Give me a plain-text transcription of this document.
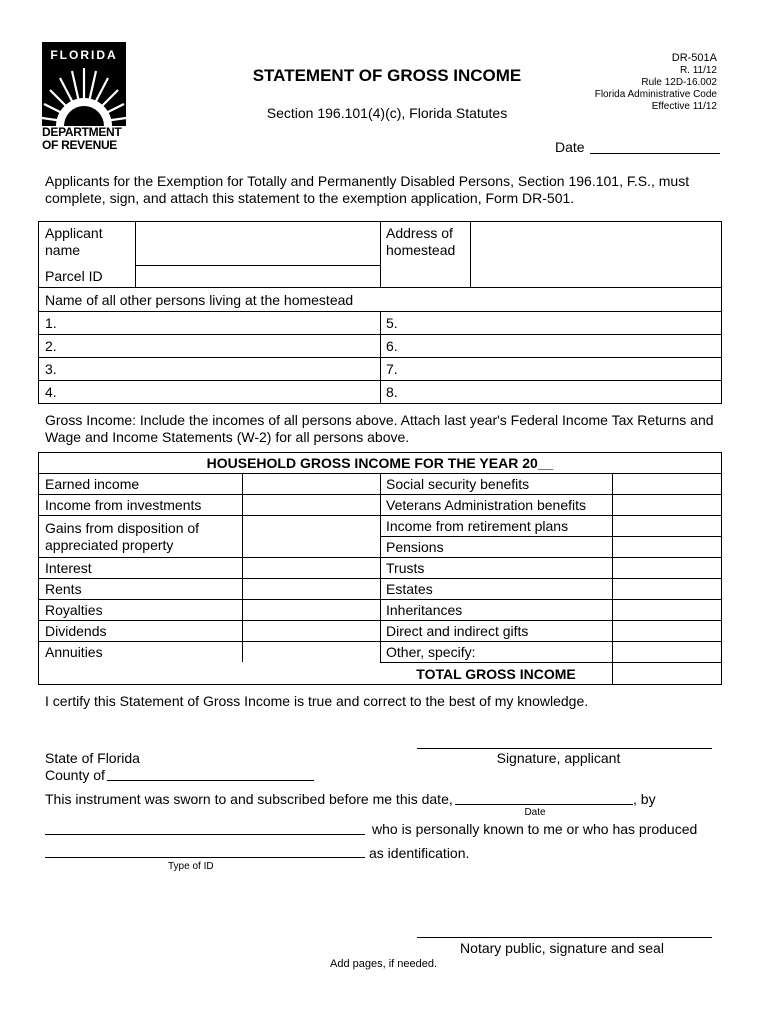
FLORIDA
DEPARTMENT
OF REVENUE
STATEMENT OF GROSS INCOME
Section 196.101(4)(c), Florida Statutes
DR-501A
R. 11/12
Rule 12D-16.002
Florida Administrative Code
Effective 11/12
Date
Applicants for the Exemption for Totally and Permanently Disabled Persons, Section 196.101, F.S., must
complete, sign, and attach this statement to the exemption application, Form DR-501.
Applicant
name
Address of
homestead
Parcel ID
Name of all other persons living at the homestead
1.
2.
3.
4.
5.
6.
7.
8.
Gross Income: Include the incomes of all persons above. Attach last year's Federal Income Tax Returns and
Wage and Income Statements (W-2) for all persons above.
HOUSEHOLD GROSS INCOME FOR THE YEAR 20__
Earned income
Income from investments
Gains from disposition of
appreciated property
Interest
Rents
Royalties
Dividends
Annuities
Social security benefits
Veterans Administration benefits
Income from retirement plans
Pensions
Trusts
Estates
Inheritances
Direct and indirect gifts
Other, specify:
TOTAL GROSS INCOME
I certify this Statement of Gross Income is true and correct to the best of my knowledge.
Signature, applicant
State of Florida
County of
This instrument was sworn to and subscribed before me this date,	, by
Date
who is personally known to me or who has produced
as identification.
Type of ID
Notary public, signature and seal
Add pages, if needed.
